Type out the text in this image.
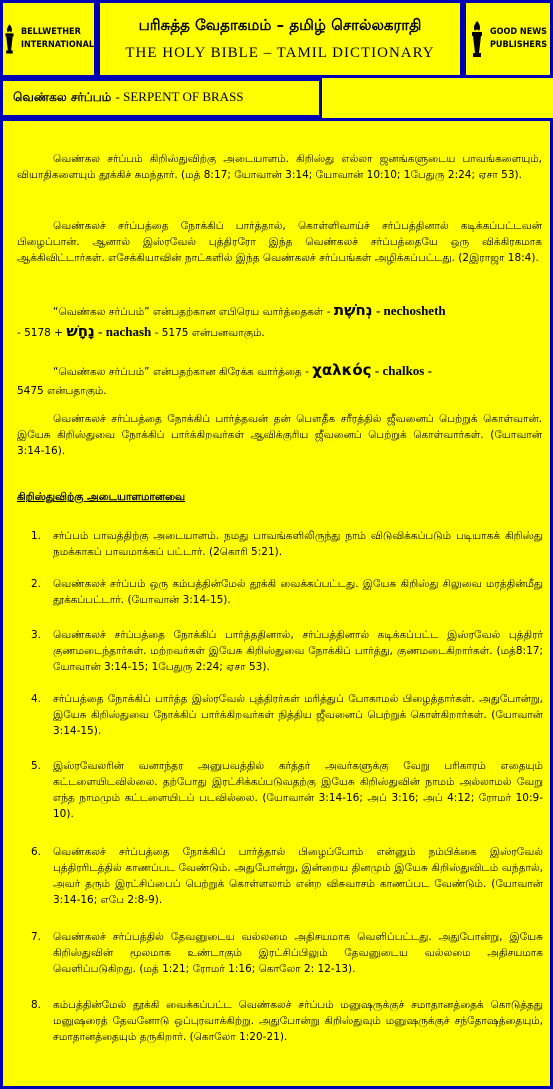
BELLWETHER
INTERNATIONAL
பரிசுத்த வேதாகமம் – தமிழ் சொல்லகராதி
THE HOLY BIBLE – TAMIL DICTIONARY
GOOD NEWS
PUBLISHERS
வெண்கல சர்ப்பம் - SERPENT OF BRASS
வெண்கல சர்ப்பம் கிறிஸ்துவிற்கு அடையாளம். கிறிஸ்து எல்லா ஜனங்களுடைய பாவங்களையும், வியாதிகளையும் தூக்கிச் சுமந்தார். (மத் 8:17; யோவான் 3:14; யோவான் 10:10; 1பேதுரு 2:24; ஏசா 53).
வெண்கலச் சர்ப்பத்தை நோக்கிப் பார்த்தால், கொள்ளிவாய்ச் சர்ப்பத்தினால் கடிக்கப்பட்டவன் பிழைப்பான். ஆனால் இஸ்ரவேல் புத்திரரோ இந்த வெண்கலச் சர்ப்பத்தையே ஒரு விக்கிரகமாக ஆக்கிவிட்டார்கள். எசேக்கியாவின் நாட்களில் இந்த வெண்கலச் சர்ப்பங்கள் அழிக்கப்பட்டது. (2இராஜா 18:4).
“வெண்கல சர்ப்பம்” என்பதற்கான எபிரெய வார்த்தைகள் - נְחֹשֶׁת - nechosheth
- 5178 + נָחָשׁ - nachash - 5175 என்பனவாகும்.
“வெண்கல சர்ப்பம்” என்பதற்கான கிரேக்க வார்த்தை - χαλκός - chalkos -
5475 என்பதாகும்.
வெண்கலச் சர்ப்பத்தை நோக்கிப் பார்த்தவன் தன் பௌதீக சரீரத்தில் ஜீவனைப் பெற்றுக் கொள்வான். இயேசு கிறிஸ்துவை நோக்கிப் பார்க்கிறவர்கள் ஆவிக்குரிய ஜீவனைப் பெற்றுக் கொள்வார்கள். (யோவான் 3:14-16).
கிறிஸ்துவிற்கு அடையாளமானவை
1.	சர்ப்பம் பாவத்திற்கு அடையாளம். நமது பாவங்களிலிருந்து நாம் விடுவிக்கப்படும் படியாகக் கிறிஸ்து நமக்காகப் பாவமாக்கப் பட்டார். (2கொரி 5:21).
2.	வெண்கலச் சர்ப்பம் ஒரு கம்பத்தின்மேல் தூக்கி வைக்கப்பட்டது. இயேசு கிறிஸ்து சிலுவை மரத்தின்மீது தூக்கப்பட்டார். (யோவான் 3:14-15).
3.	வெண்கலச் சர்ப்பத்தை நோக்கிப் பார்த்ததினால், சர்ப்பத்தினால் கடிக்கப்பட்ட இஸ்ரவேல் புத்திரர் குணமடைந்தார்கள். மற்றவர்கள் இயேசு கிறிஸ்துவை நோக்கிப் பார்த்து, குணமடைகிறார்கள். (மத்8:17; யோவான் 3:14-15; 1பேதுரு 2:24; ஏசா 53).
4.	சர்ப்பத்தை நோக்கிப் பார்த்த இஸ்ரவேல் புத்திரர்கள் மரித்துப் போகாமல் பிழைத்தார்கள். அதுபோன்று, இயேசு கிறிஸ்துவை நோக்கிப் பார்க்கிறவர்கள் நித்திய ஜீவனைப் பெற்றுக் கொள்கிறார்கள். (யோவான் 3:14-15).
5.	இஸ்ரவேலரின் வனாந்தர அனுபவத்தில் கர்த்தர் அவர்களுக்கு வேறு பரிகாரம் எதையும் கட்டளையிடவில்லை. தற்போது இரட்சிக்கப்படுவதற்கு இயேசு கிறிஸ்துவின் நாமம் அல்லாமல் வேறு எந்த நாமமும் கட்டளையிடப் படவில்லை. (யோவான் 3:14-16; அப் 3:16; அப் 4:12; ரோமர் 10:9-10).
6.	வெண்கலச் சர்ப்பத்தை நோக்கிப் பார்த்தால் பிழைப்போம் என்னும் நம்பிக்கை இஸ்ரவேல் புத்திரரிடத்தில் காணப்பட வேண்டும். அதுபோன்று, இன்றைய தினமும் இயேசு கிறிஸ்துவிடம் வந்தால், அவர் தரும் இரட்சிப்பைப் பெற்றுக் கொள்ளலாம் என்ற விசுவாசம் காணப்பட வேண்டும். (யோவான் 3:14-16; எபே 2:8-9).
7.	வெண்கலச் சர்ப்பத்தில் தேவனுடைய வல்லமை அதிசயமாக வெளிப்பட்டது. அதுபோன்று, இயேசு கிறிஸ்துவின் மூலமாக உண்டாகும் இரட்சிப்பிலும் தேவனுடைய வல்லமை அதிசயமாக வெளிப்படுகிறது. (மத் 1:21; ரோமர் 1:16; கொலோ 2: 12-13).
8.	கம்பத்தின்மேல் தூக்கி வைக்கப்பட்ட வெண்கலச் சர்ப்பம் மனுஷருக்குச் சமாதானத்தைக் கொடுத்தது மனுஷரைத் தேவனோடு ஒப்புரவாக்கிற்று. அதுபோன்று கிறிஸ்துவும் மனுஷருக்குச் சந்தோஷத்தையும், சமாதானத்தையும் தருகிறார். (கொலோ 1:20-21).
